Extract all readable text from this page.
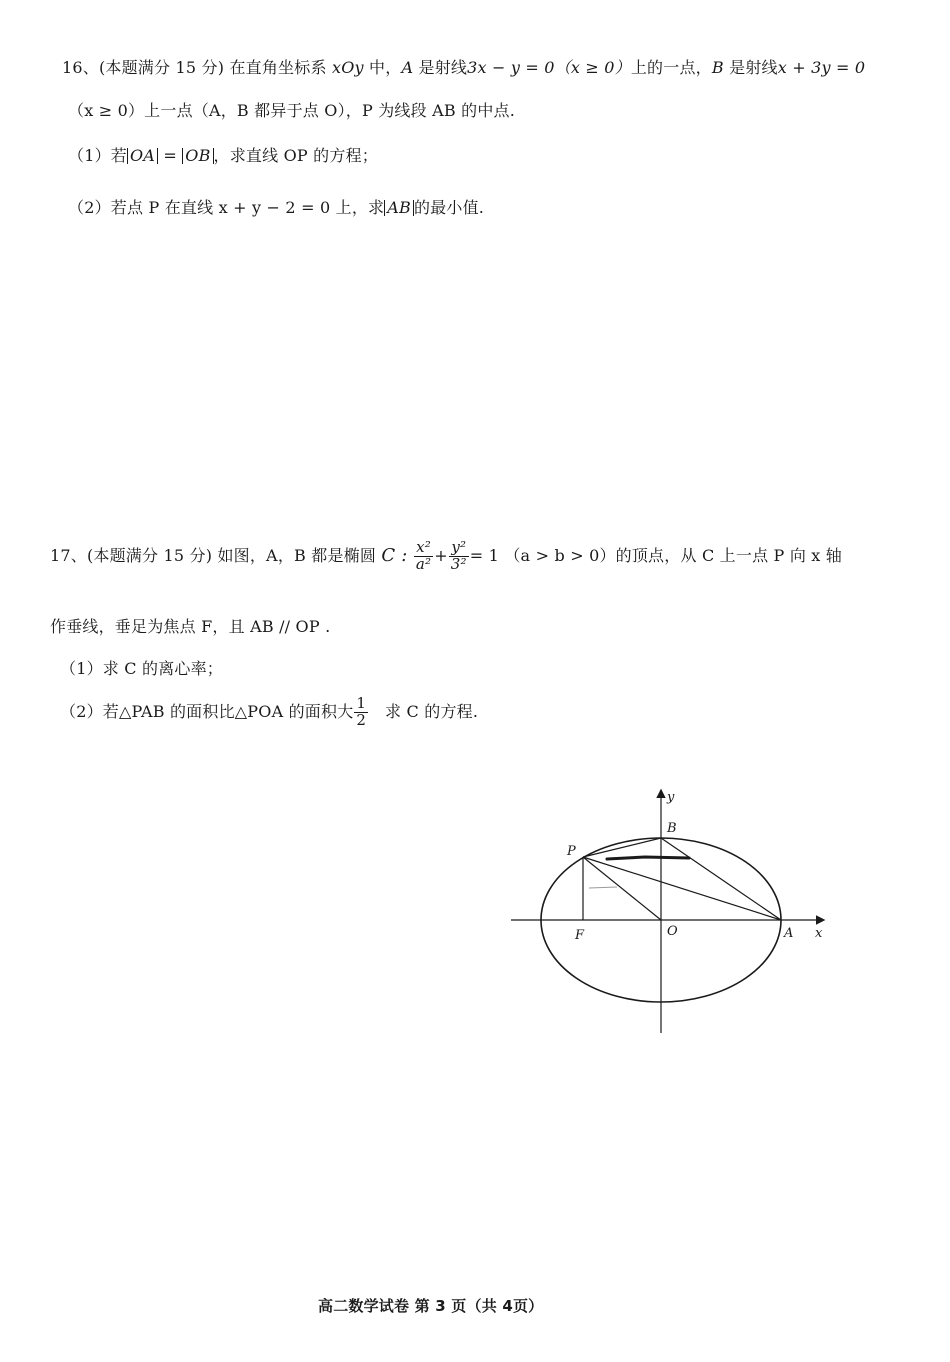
16、(本题满分 15 分) 在直角坐标系 xOy 中，A 是射线3x − y = 0（x ≥ 0）上的一点，B 是射线x + 3y = 0
（x ≥ 0）上一点（A，B 都异于点 O），P 为线段 AB 的中点.
（1）若 OA = OB ，求直线 OP 的方程；
（2）若点 P 在直线 x + y − 2 = 0 上，求 AB 的最小值.
17、(本题满分 15 分) 如图，A，B 都是椭圆 C : $\frac{\text{x²}}{\text{a²}} + \frac{\text{y²}}{\text{3²}} = 1$ （a > b > 0）的顶点，从 C 上一点 P 向 x 轴
作垂线，垂足为焦点 F，且 AB // OP .
（1）求 C 的离心率；
（2）若△PAB 的面积比△POA 的面积大 $\frac{1}{2}$ 求 C 的方程.
y
x
B
P
F	O	A
高二数学试卷 第 3 页（共 4页）
